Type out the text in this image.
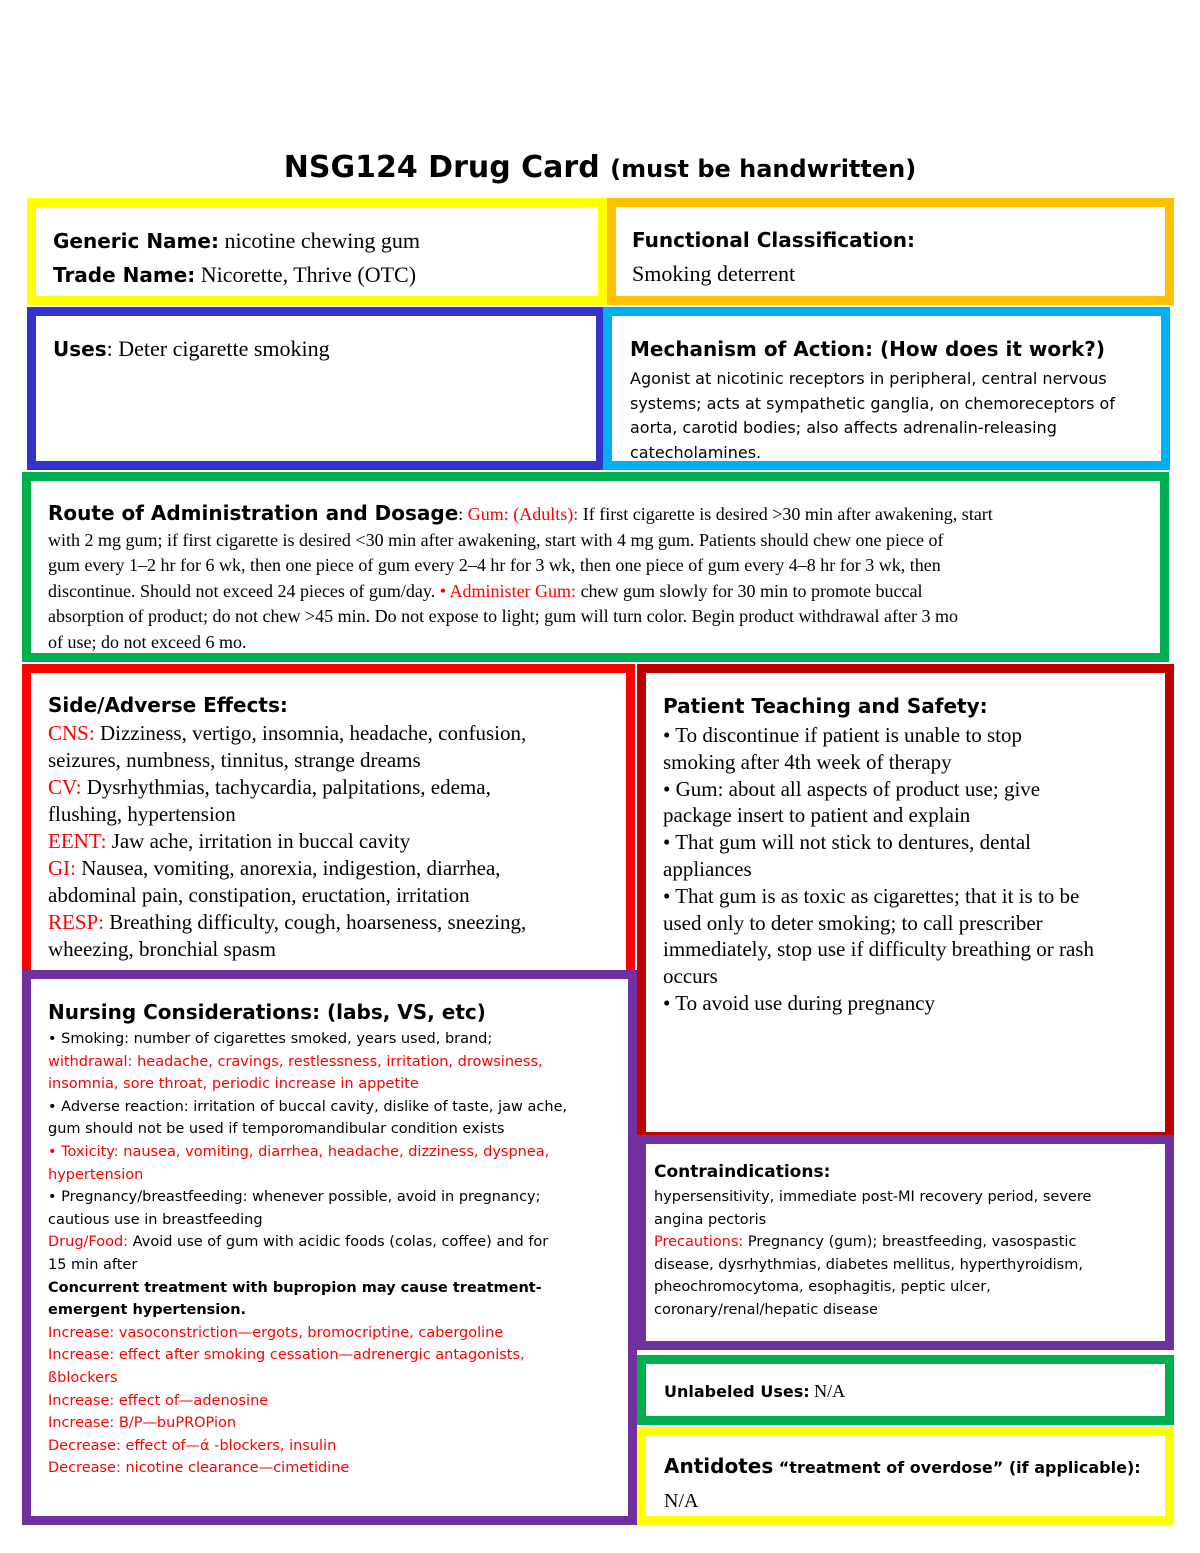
NSG124 Drug Card (must be handwritten)
Generic Name: nicotine chewing gum
Trade Name: Nicorette, Thrive (OTC)
Functional Classification:
Smoking deterrent
Uses: Deter cigarette smoking	Mechanism of Action: (How does it work?)
Agonist at nicotinic receptors in peripheral, central nervous
systems; acts at sympathetic ganglia, on chemoreceptors of
aorta, carotid bodies; also affects adrenalin-releasing
catecholamines.
Route of Administration and Dosage: Gum: (Adults): If first cigarette is desired >30 min after awakening, start
with 2 mg gum; if first cigarette is desired <30 min after awakening, start with 4 mg gum. Patients should chew one piece of
gum every 1–2 hr for 6 wk, then one piece of gum every 2–4 hr for 3 wk, then one piece of gum every 4–8 hr for 3 wk, then
discontinue. Should not exceed 24 pieces of gum/day. • Administer Gum: chew gum slowly for 30 min to promote buccal
absorption of product; do not chew >45 min. Do not expose to light; gum will turn color. Begin product withdrawal after 3 mo
of use; do not exceed 6 mo.
Side/Adverse Effects:
CNS: Dizziness, vertigo, insomnia, headache, confusion,
seizures, numbness, tinnitus, strange dreams
CV: Dysrhythmias, tachycardia, palpitations, edema,
flushing, hypertension
EENT: Jaw ache, irritation in buccal cavity
GI: Nausea, vomiting, anorexia, indigestion, diarrhea,
abdominal pain, constipation, eructation, irritation
RESP: Breathing difficulty, cough, hoarseness, sneezing,
wheezing, bronchial spasm
Nursing Considerations: (labs, VS, etc)
• Smoking: number of cigarettes smoked, years used, brand;
withdrawal: headache, cravings, restlessness, irritation, drowsiness,
insomnia, sore throat, periodic increase in appetite
• Adverse reaction: irritation of buccal cavity, dislike of taste, jaw ache,
gum should not be used if temporomandibular condition exists
• Toxicity: nausea, vomiting, diarrhea, headache, dizziness, dyspnea,
hypertension
• Pregnancy/breastfeeding: whenever possible, avoid in pregnancy;
cautious use in breastfeeding
Drug/Food: Avoid use of gum with acidic foods (colas, coffee) and for
15 min after
Concurrent treatment with bupropion may cause treatment-
emergent hypertension.
Increase: vasoconstriction—ergots, bromocriptine, cabergoline
Increase: effect after smoking cessation—adrenergic antagonists,
ßblockers
Increase: effect of—adenosine
Increase: B/P—buPROPion
Decrease: effect of—ά -blockers, insulin
Decrease: nicotine clearance—cimetidine
Patient Teaching and Safety:
• To discontinue if patient is unable to stop
smoking after 4th week of therapy
• Gum: about all aspects of product use; give
package insert to patient and explain
• That gum will not stick to dentures, dental
appliances
• That gum is as toxic as cigarettes; that it is to be
used only to deter smoking; to call prescriber
immediately, stop use if difficulty breathing or rash
occurs
• To avoid use during pregnancy
Contraindications:
hypersensitivity, immediate post-MI recovery period, severe
angina pectoris
Precautions: Pregnancy (gum); breastfeeding, vasospastic
disease, dysrhythmias, diabetes mellitus, hyperthyroidism,
pheochromocytoma, esophagitis, peptic ulcer,
coronary/renal/hepatic disease
Unlabeled Uses: N/A
Antidotes “treatment of overdose” (if applicable):
N/A
